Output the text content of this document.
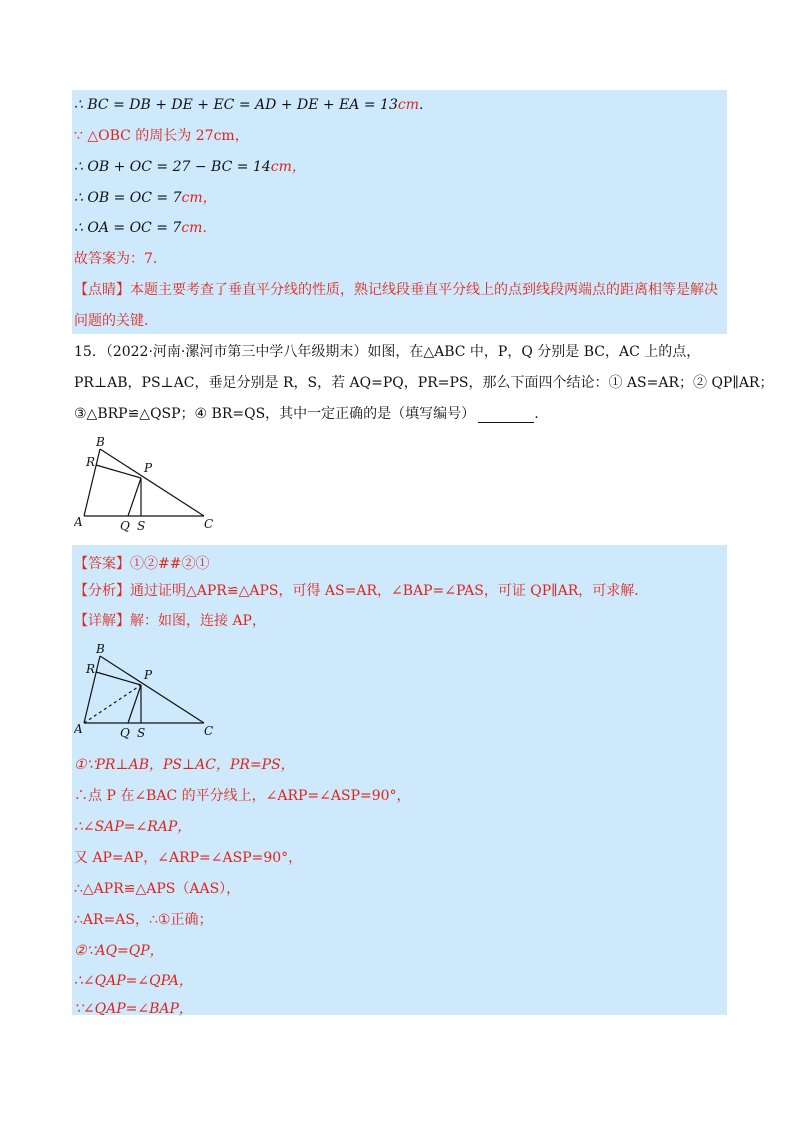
∴ BC = DB + DE + EC = AD + DE + EA = 13cm.
∵ △OBC 的周长为 27cm，
∴ OB + OC = 27 − BC = 14cm，
∴ OB = OC = 7cm，
∴ OA = OC = 7cm.
故答案为：7．
【点睛】本题主要考查了垂直平分线的性质，熟记线段垂直平分线上的点到线段两端点的距离相等是解决
问题的关键．
15．（2022·河南·漯河市第三中学八年级期末）如图，在△ABC 中，P，Q 分别是 BC，AC 上的点，
PR⊥AB，PS⊥AC，垂足分别是 R，S，若 AQ=PQ，PR=PS，那么下面四个结论：① AS=AR；② QP∥AR；
③△BRP≌△QSP；④ BR=QS，其中一定正确的是（填写编号）	.
B
R	P
A	Q S	C
【答案】①②##②①
【分析】通过证明△APR≌△APS，可得 AS=AR，∠BAP=∠PAS，可证 QP∥AR，可求解．
【详解】解：如图，连接 AP，
B
R	P
A	Q S	C
①∵PR⊥AB，PS⊥AC，PR=PS，
∴点 P 在∠BAC 的平分线上，∠ARP=∠ASP=90°，
∴∠SAP=∠RAP，
又 AP=AP，∠ARP=∠ASP=90°，
∴△APR≌△APS（AAS），
∴AR=AS，∴①正确；
②∵AQ=QP，
∴∠QAP=∠QPA，
∵∠QAP=∠BAP，
